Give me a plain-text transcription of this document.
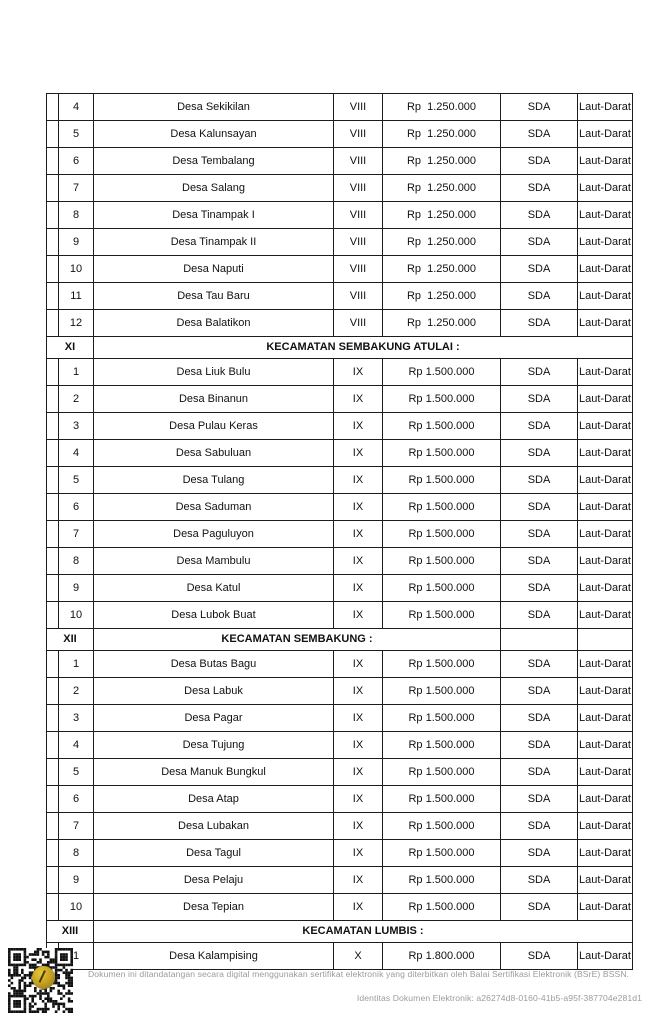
	4	Desa Sekikilan	VIII	Rp  1.250.000	SDA	Laut-Darat
	5	Desa Kalunsayan	VIII	Rp  1.250.000	SDA	Laut-Darat
	6	Desa Tembalang	VIII	Rp  1.250.000	SDA	Laut-Darat
	7	Desa Salang	VIII	Rp  1.250.000	SDA	Laut-Darat
	8	Desa Tinampak I	VIII	Rp  1.250.000	SDA	Laut-Darat
	9	Desa Tinampak II	VIII	Rp  1.250.000	SDA	Laut-Darat
	10	Desa Naputi	VIII	Rp  1.250.000	SDA	Laut-Darat
	11	Desa Tau Baru	VIII	Rp  1.250.000	SDA	Laut-Darat
	12	Desa Balatikon	VIII	Rp  1.250.000	SDA	Laut-Darat
XI		KECAMATAN SEMBAKUNG ATULAI :				
	1	Desa Liuk Bulu	IX	Rp 1.500.000	SDA	Laut-Darat
	2	Desa Binanun	IX	Rp 1.500.000	SDA	Laut-Darat
	3	Desa Pulau Keras	IX	Rp 1.500.000	SDA	Laut-Darat
	4	Desa Sabuluan	IX	Rp 1.500.000	SDA	Laut-Darat
	5	Desa Tulang	IX	Rp 1.500.000	SDA	Laut-Darat
	6	Desa Saduman	IX	Rp 1.500.000	SDA	Laut-Darat
	7	Desa Paguluyon	IX	Rp 1.500.000	SDA	Laut-Darat
	8	Desa Mambulu	IX	Rp 1.500.000	SDA	Laut-Darat
	9	Desa Katul	IX	Rp 1.500.000	SDA	Laut-Darat
	10	Desa Lubok Buat	IX	Rp 1.500.000	SDA	Laut-Darat
XII		KECAMATAN SEMBAKUNG :				
	1	Desa Butas Bagu	IX	Rp 1.500.000	SDA	Laut-Darat
	2	Desa Labuk	IX	Rp 1.500.000	SDA	Laut-Darat
	3	Desa Pagar	IX	Rp 1.500.000	SDA	Laut-Darat
	4	Desa Tujung	IX	Rp 1.500.000	SDA	Laut-Darat
	5	Desa Manuk Bungkul	IX	Rp 1.500.000	SDA	Laut-Darat
	6	Desa Atap	IX	Rp 1.500.000	SDA	Laut-Darat
	7	Desa Lubakan	IX	Rp 1.500.000	SDA	Laut-Darat
	8	Desa Tagul	IX	Rp 1.500.000	SDA	Laut-Darat
	9	Desa Pelaju	IX	Rp 1.500.000	SDA	Laut-Darat
	10	Desa Tepian	IX	Rp 1.500.000	SDA	Laut-Darat
XIII		KECAMATAN LUMBIS :				
	1	Desa Kalampising	X	Rp 1.800.000	SDA	Laut-Darat
Dokumen ini ditandatangan secara digital menggunakan sertifikat elektronik yang diterbitkan oleh Balai Sertifikasi Elektronik (BSrE) BSSN.
Identitas Dokumen Elektronik: a26274d8-0160-41b5-a95f-387704e281d1
